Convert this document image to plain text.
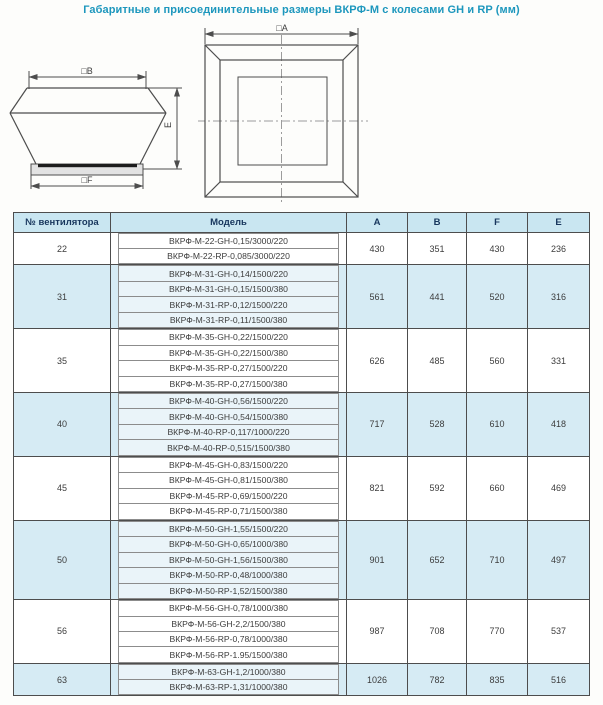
Габаритные и присоединительные размеры ВКРФ-М с колесами GH и RP (мм)
□B
E
□F
□A
№ вентилятора	Модель	A	B	F	E
22
ВКРФ-М-22-GH-0,15/3000/220
ВКРФ-М-22-RP-0,085/3000/220
430	351	430	236
31
ВКРФ-М-31-GH-0,14/1500/220
ВКРФ-М-31-GH-0,15/1500/380
ВКРФ-М-31-RP-0,12/1500/220
ВКРФ-М-31-RP-0,11/1500/380
561	441	520	316
35
ВКРФ-М-35-GH-0,22/1500/220
ВКРФ-М-35-GH-0,22/1500/380
ВКРФ-М-35-RP-0,27/1500/220
ВКРФ-М-35-RP-0,27/1500/380
626	485	560	331
40
ВКРФ-М-40-GH-0,56/1500/220
ВКРФ-М-40-GH-0,54/1500/380
ВКРФ-М-40-RP-0,117/1000/220
ВКРФ-М-40-RP-0,515/1500/380
717	528	610	418
45
ВКРФ-М-45-GH-0,83/1500/220
ВКРФ-М-45-GH-0,81/1500/380
ВКРФ-М-45-RP-0,69/1500/220
ВКРФ-М-45-RP-0,71/1500/380
821	592	660	469
50
ВКРФ-М-50-GH-1,55/1500/220
ВКРФ-М-50-GH-0,65/1000/380
ВКРФ-М-50-GH-1,56/1500/380
ВКРФ-М-50-RP-0,48/1000/380
ВКРФ-М-50-RP-1,52/1500/380
901	652	710	497
56
ВКРФ-М-56-GH-0,78/1000/380
ВКРФ-М-56-GH-2,2/1500/380
ВКРФ-М-56-RP-0,78/1000/380
ВКРФ-М-56-RP-1.95/1500/380
987	708	770	537
63
ВКРФ-М-63-GH-1,2/1000/380
ВКРФ-М-63-RP-1,31/1000/380
1026	782	835	516
